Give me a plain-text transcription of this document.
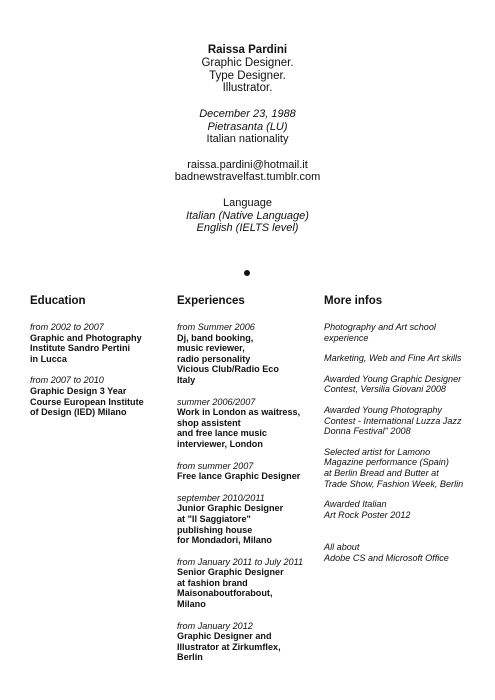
Raissa Pardini
Graphic Designer.
Type Designer.
Illustrator.
December 23, 1988
Pietrasanta (LU)
Italian nationality
raissa.pardini@hotmail.it
badnewstravelfast.tumblr.com
Language
Italian (Native Language)
English (IELTS level)
Education
from 2002 to 2007
Graphic and Photography
Institute Sandro Pertini
in Lucca
from 2007 to 2010
Graphic Design 3 Year
Course European Institute
of Design (IED) Milano
Experiences
from Summer 2006
Dj, band booking,
music reviewer,
radio personality
Vicious Club/Radio Eco
Italy
summer 2006/2007
Work in London as waitress,
shop assistent
and free lance music
interviewer, London
from summer 2007
Free lance Graphic Designer
september 2010/2011
Junior Graphic Designer
at "Il Saggiatore"
publishing house
for Mondadori, Milano
from January 2011 to July 2011
Senior Graphic Designer
at fashion brand
Maisonaboutforabout,
Milano
from January 2012
Graphic Designer and
Illustrator at Zirkumflex,
Berlin
More infos
Photography and Art school
experience
Marketing, Web and Fine Art skills
Awarded Young Graphic Designer
Contest, Versilia Giovani 2008
Awarded Young Photography
Contest - International Luzza Jazz
Donna Festival" 2008
Selected artist for Lamono
Magazine performance (Spain)
at Berlin Bread and Butter at
Trade Show, Fashion Week, Berlin
Awarded Italian
Art Rock Poster 2012
All about
Adobe CS and Microsoft Office
